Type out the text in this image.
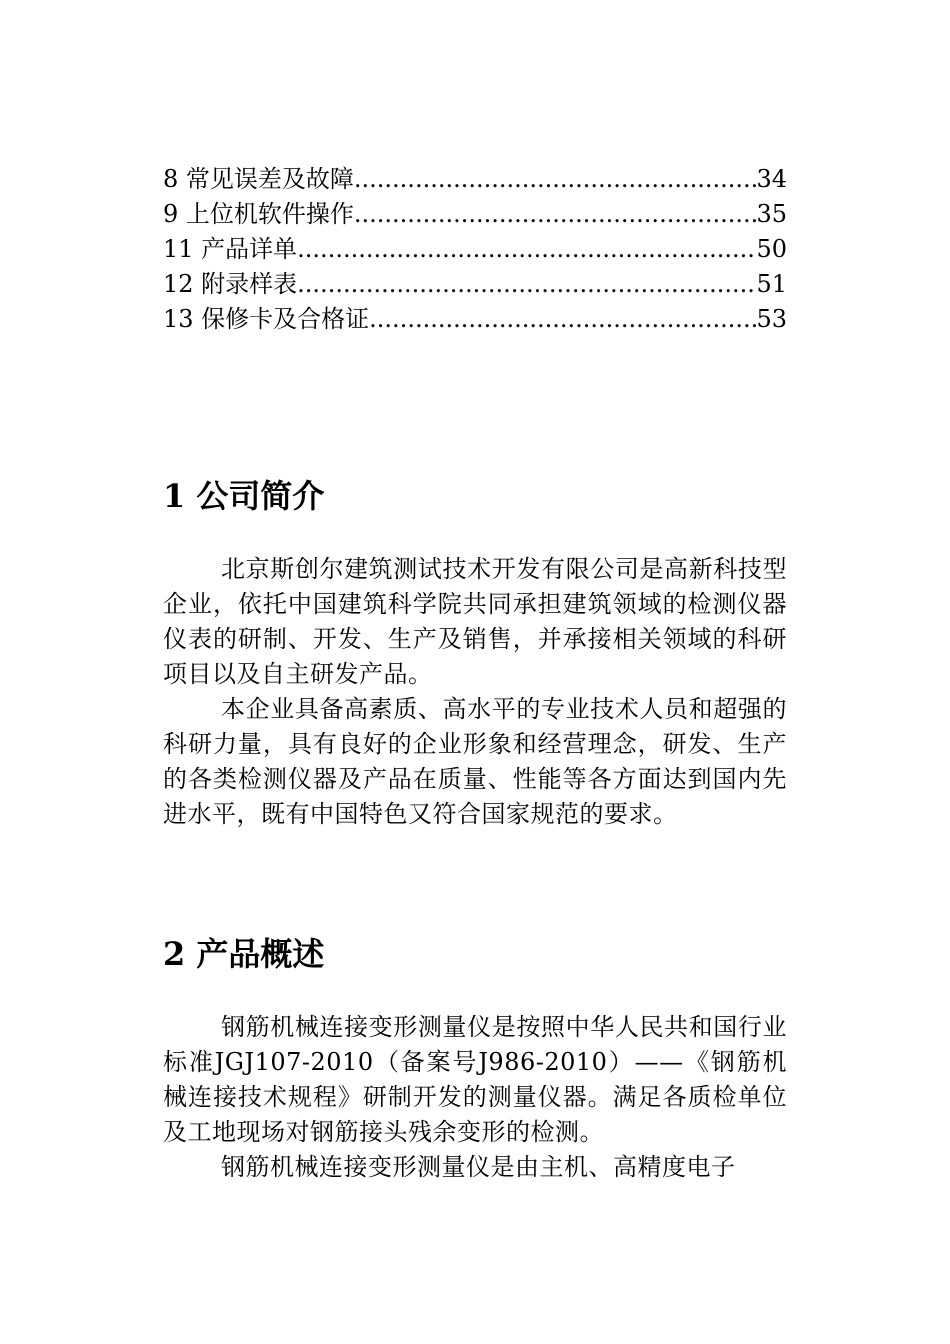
8 常见误差及故障 .....	34
9 上位机软件操作 .....	35
11 产品详单 .....	50
12 附录样表 .....	51
13 保修卡及合格证 .....	53
1 公司简介

北京斯创尔建筑测试技术开发有限公司是高新科技型企业，依托中国建筑科学院共同承担建筑领域的检测仪器仪表的研制、开发、生产及销售，并承接相关领域的科研项目以及自主研发产品。

本企业具备高素质、高水平的专业技术人员和超强的科研力量，具有良好的企业形象和经营理念，研发、生产的各类检测仪器及产品在质量、性能等各方面达到国内先进水平，既有中国特色又符合国家规范的要求。

2 产品概述

钢筋机械连接变形测量仪是按照中华人民共和国行业标准JGJ107-2010（备案号J986-2010）——《钢筋机械连接技术规程》研制开发的测量仪器。满足各质检单位及工地现场对钢筋接头残余变形的检测。

钢筋机械连接变形测量仪是由主机、高精度电子
